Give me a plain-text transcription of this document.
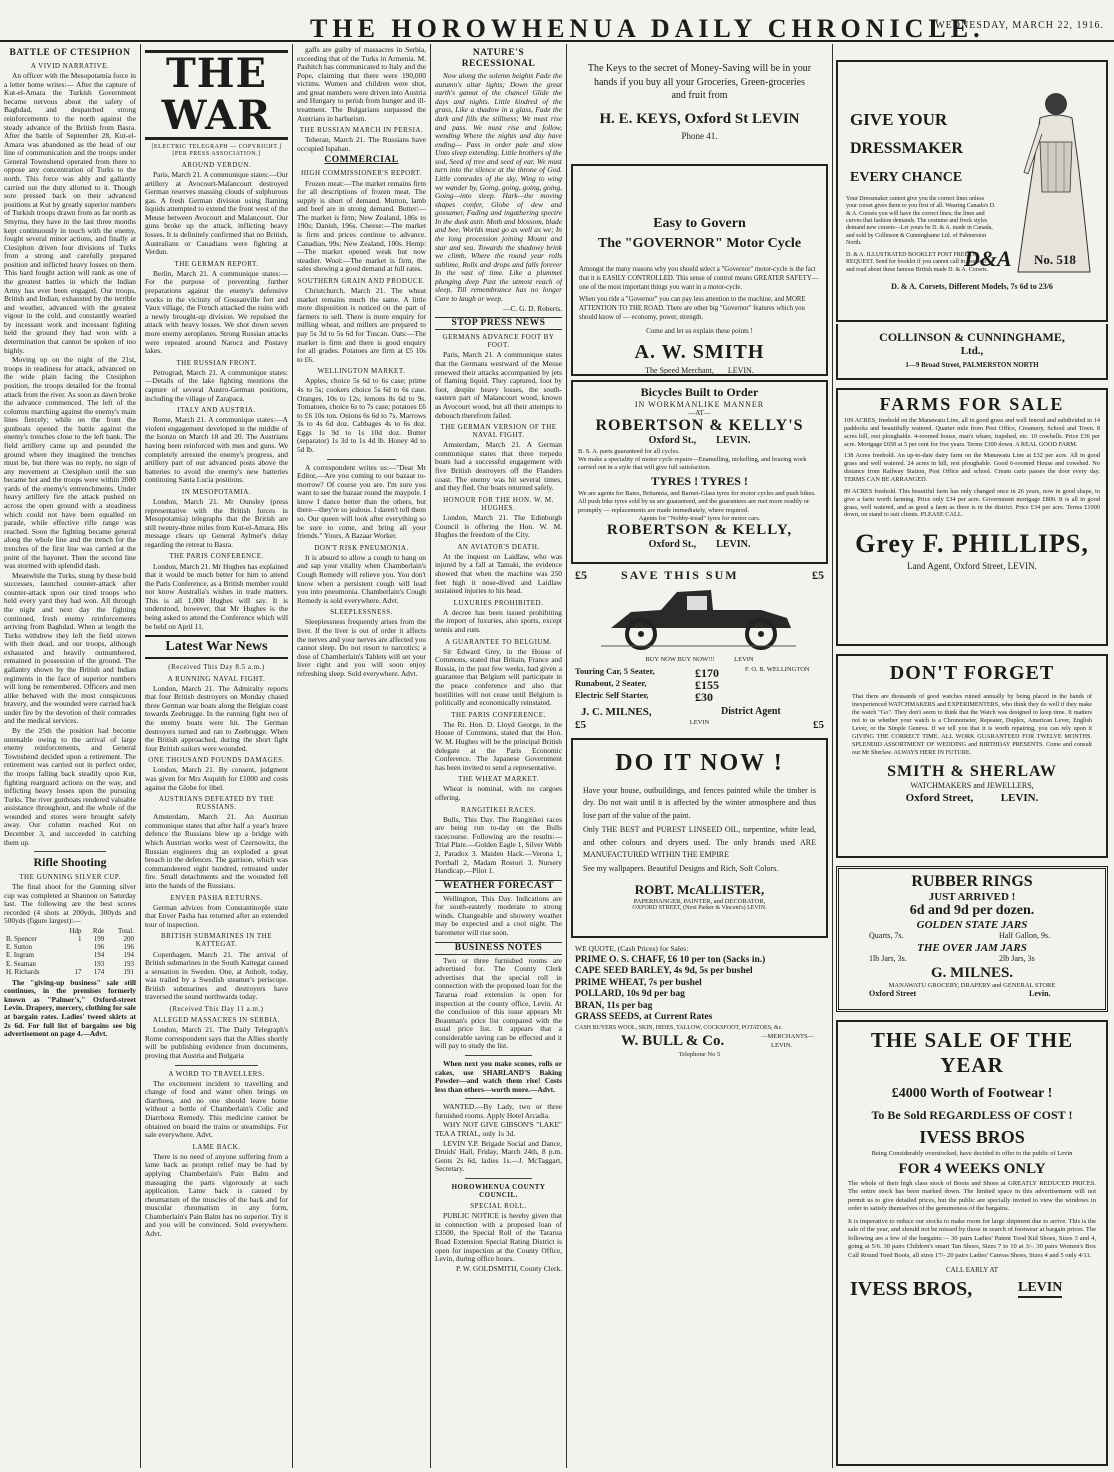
THE HOROWHENUA DAILY CHRONICLE.
WEDNESDAY, MARCH 22, 1916.
BATTLE OF CTESIPHON
A VIVID NARRATIVE.

An officer with the Mesopotamia force in a letter home writes:— After the capture of Kut-el-Amara the Turkish Government became nervous about the safety of Baghdad, and despatched strong reinforcements to the north against the steady advance of the British from Basra. After the battle of September 28, Kut-el-Amara was abandoned as the head of our line of communication and the troops under General Townshend operated from there to oppose any concentration of Turks to the north. This force was ably and gallantly carried out the duty allotted to it. Though sore pressed back on their advanced positions at Kut by greatly superior numbers of Turkish troops drawn from as far north as Smyrna, they have in the last three months kept continuously in touch with the enemy, fought several minor actions, and finally at Ctesiphon driven four divisions of Turks from a strong and carefully prepared position and inflicted heavy losses on them. This hard fought action will rank as one of the greatest battles in which the Indian Army has ever been engaged. Our troops, British and Indian, exhausted by the terrible and weather, advanced with the greatest vigour in the cold, and constantly wearied by incessant work and incessant fighting held the ground they had won with a determination that cannot be spoken of too highly.

Moving up on the night of the 21st, troops in readiness for attack, advanced on the wide plain facing the Ctesiphon position, the troops detailed for the frontal attack from the river. As soon as dawn broke the advance commenced. The left of the columns marching against the enemy's main lines fiercely; while on the front the gunboats opened the battle against the enemy's trenches close to the left bank. The field artillery came up and pounded the ground where they imagined the trenches must be, but there was no reply, no sign of any movement at Ctesiphon until the sun became hot and the troops were within 2000 yards of the enemy's entrenchments. Under heavy artillery fire the attack pushed on across the open ground with a steadiness which could not have been equalled on parade, while effective rifle range was reached. Soon the fighting became general along the whole line and the trench for the trenches of the first line was carried at the point of the bayonet. Then the second line was stormed with splendid dash.

Meanwhile the Turks, stung by these bold successes, launched counter-attack after counter-attack upon our tired troops who held every yard they had won. All through the night and next day the fighting continued, fresh enemy reinforcements arriving from Baghdad. When at length the Turks withdrew they left the field strewn with their dead, and our troops, although exhausted and heavily outnumbered, remained in possession of the ground. The gallantry shown by the British and Indian regiments in the face of superior numbers will long be remembered. Officers and men alike behaved with the most conspicuous bravery, and the wounded were carried back under fire by the devotion of their comrades and the medical services.

By the 25th the position had become untenable owing to the arrival of large enemy reinforcements, and General Townshend decided upon a retirement. The retirement was carried out in perfect order, the troops falling back steadily upon Kut, fighting rearguard actions on the way, and inflicting heavy losses upon the pursuing Turks. The river gunboats rendered valuable assistance throughout, and the whole of the wounded and stores were brought safely away. Our column reached Kut on December 3, and succeeded in catching them up.

Rifle Shooting
THE GUNNING SILVER CUP.

The final shoot for the Gunning silver cup was completed at Shannon on Saturday last. The following are the best scores recorded (4 shots at 200yds, 300yds and 500yds (figure largest):—

	Hdp	Rde	Total.
B. Spencer	1	199	200
E. Sutton		196	196
E. Ingram		194	194
E. Seaman		193	193
H. Richards	17	174	191

The "giving-up business" sale still continues, in the premises formerly known as "Palmer's," Oxford-street Levin. Drapery, mercery, clothing for sale at bargain rates. Ladies' tweed skirts at 2s 6d. For full list of bargains see big advertisement on page 4.—Advt.

THE WAR
[ELECTRIC TELEGRAPH — COPYRIGHT.] [PER PRESS ASSOCIATION.]
AROUND VERDUN.

Paris, March 21. A communique states:—Our artillery at Avocourt-Malancourt destroyed German reserves massing clouds of sulphurous gas. A fresh German division using flaming liquids attempted to extend the front west of the Meuse between Avocourt and Malancourt. Our guns broke up the attack, inflicting heavy losses. It is definitely confirmed that no British, Australians or Canadians were fighting at Verdun.

THE GERMAN REPORT.

Berlin, March 21. A communique states:—For the purpose of preventing further preparations against the enemy's defensive works in the vicinity of Gousanville fort and Vaux village, the French attacked the ruins with a newly brought-up division. We repulsed the attack with heavy losses. We shot down seven more enemy aeroplanes. Strong Russian attacks were repeated around Narocz and Postavy lakes.

THE RUSSIAN FRONT.

Petrograd, March 21. A communique states:—Details of the lake fighting mentions the capture of several Austro-German positions, including the village of Zarapaca.

ITALY AND AUSTRIA.

Rome, March 21. A communique states:—A violent engagement developed in the middle of the Isonzo on March 18 and 20. The Austrians having been reinforced with men and guns. We completely arrested the enemy's progress, and artillery part of our advanced posts above the batteries to avoid the enemy's new batteries continuing Santa Lucia positions.

IN MESOPOTAMIA.

London, March 21. Mr Ounsley (press representative with the British forces in Mesopotamia) telegraphs that the British are still twenty-three miles from Kut-el-Amara. His message clears up General Aylmer's delay regarding the retreat to Basra.

THE PARIS CONFERENCE.

London, March 21. Mr Hughes has explained that it would be much better for him to attend the Paris Conference, as a British member could not know Australia's wishes in trade matters. This is all 1,000 Hughes will say. It is understood, however, that Mr Hughes is the being asked to attend the Conference which will be held on April 11.

Latest War News
(Received This Day 8.5 a.m.)
A RUNNING NAVAL FIGHT.

London, March 21. The Admiralty reports that four British destroyers on Monday chased three German war boats along the Belgian coast towards Zeebrugge. In the running fight two of the enemy boats were hit. The German destroyers turned and ran to Zeebrugge. When the British approached, during the short fight four British sailors were wounded.

ONE THOUSAND POUNDS DAMAGES.

London, March 21. By consent, judgment was given for Mrs Asquith for £1000 and costs against the Globe for libel.

AUSTRIANS DEFEATED BY THE RUSSIANS.

Amsterdam, March 21. An Austrian communique states that after half a year's brave defence the Russians blew up a bridge with which Austrian works west of Czernowitz, the Russian engineers dug an exploded a great breach in the defences. The garrison, which was commandeered eight hundred, retreated under fire. Small detachments and the wounded fell into the hands of the Russians.

ENVER PASHA RETURNS.

German advices from Constantinople state that Enver Pasha has returned after an extended tour of inspection.

BRITISH SUBMARINES IN THE KATTEGAT.

Copenhagen, March 21. The arrival of British submarines in the South Kattegat caused a sensation in Sweden. One, at Anholt, today, was trailed by a Swedish steamer's periscope. British submarines and destroyers have traversed the sound northwards today.

(Received This Day 11 a.m.)
ALLEGED MASSACRES IN SERBIA.

London, March 21. The Daily Telegraph's Rome correspondent says that the Allies shortly will be publishing evidence from documents, proving that Austria and Bulgaria

A WORD TO TRAVELLERS.

The excitement incident to travelling and change of food and water often brings on diarrhoea, and no one should leave home without a bottle of Chamberlain's Colic and Diarrhoea Remedy. This medicine cannot be obtained on board the trains or steamships. For sale everywhere. Advt.

LAME BACK.

There is no need of anyone suffering from a lame back as prompt relief may be had by applying Chamberlain's Pain Balm and massaging the parts vigorously at each application. Lame back is caused by rheumatism of the muscles of the back and for muscular rheumatism in any form, Chamberlain's Pain Balm has no superior. Try it and you will be convinced. Sold everywhere. Advt.

gaffs are guilty of massacres in Serbia, exceeding that of the Turks in Armenia. M. Pashitch has communicated to Italy and the Pope, claiming that there were 190,000 victims. Women and children were shot, and great numbers were driven into Austria and Hungary to perish from hunger and ill-treatment. The Bulgarians surpassed the Austrians in barbarism.

THE RUSSIAN MARCH IN PERSIA.

Teheran, March 21. The Russians have occupied Ispahan.

COMMERCIAL
HIGH COMMISSIONER'S REPORT.

Frozen meat:—The market remains firm for all descriptions of frozen meat. The supply is short of demand. Mutton, lamb and beef are in strong demand. Butter:—The market is firm; New Zealand, 186s to 190s; Danish, 196s. Cheese:—The market is firm and prices continue to advance. Canadian, 99s; New Zealand, 100s. Hemp:—The market opened weak but now steadier. Wool:—The market is firm, the sales showing a good demand at full rates.

SOUTHERN GRAIN AND PRODUCE.

Christchurch, March 21. The wheat market remains much the same. A little more disposition is noticed on the part of farmers to sell. There is more enquiry for milling wheat, and millers are prepared to pay 5s 3d to 5s 6d for Tuscan. Oats:—The market is firm and there is good enquiry for all grades. Potatoes are firm at £5 10s to £6.

WELLINGTON MARKET.

Apples, choice 5s 6d to 6s case; prime 4s to 5s; cookers choice 5s 6d to 6s case. Oranges, 10s to 12s; lemons 8s 6d to 9s. Tomatoes, choice 6s to 7s case; potatoes £6 to £6 10s ton. Onions 6s 6d to 7s. Marrows 3s to 4s 6d doz. Cabbages 4s to 6s doz. Eggs 1s 9d to 1s 10d doz. Butter (separator) 1s 3d to 1s 4d lb. Honey 4d to 5d lb.

A correspondent writes us:—"Dear Mr Editor,—Are you coming to our bazaar to-morrow? Of course you are. I'm sure you want to see the bazaar round the maypole. I know I dance better than the others, but there—they're so jealous. I daren't tell them so. Our queen will look after everything so be sure to come, and bring all your friends." Yours, A Bazaar Worker.

DON'T RISK PNEUMONIA.

It is absurd to allow a cough to hang on and sap your vitality when Chamberlain's Cough Remedy will relieve you. You don't know when a persistent cough will lead you into pneumonia. Chamberlain's Cough Remedy is sold everywhere. Advt.

SLEEPLESSNESS.

Sleeplessness frequently arises from the liver. If the liver is out of order it affects the nerves and your nerves are affected you cannot sleep. Do not resort to narcotics; a dose of Chamberlain's Tablets will set your liver right and you will soon enjoy refreshing sleep. Sold everywhere. Advt.

NATURE'S RECESSIONAL

Now along the solemn heights Fade the autumn's altar lights; Down the great earth's gamut of the chancel Glide the days and nights. Little kindred of the grass, Like a shadow in a glass, Fade the dark and fills the stillness; We must rise and pass. We must rise and follow, wending Where the nights and day have ending— Pass in order pale and slow Unto sleep extending. Little brothers of the sod, Seed of tree and seed of ear, We must turn into the silence at the throne of God. Little comrades of the sky, Wing to wing we wander by, Going, going, going, going, Going—into sleep. Hark—the moving shapes confer, Globe of dew and gossamer, Fading and ingathering spectre In the dusk astir. Moth and blossom, blade and bee, Worlds must go as well as we; In the long procession joining Mount and star and sea. Towards the shadowy brink we climb, Where the round year rolls sublime, Rolls and drops and falls forever In the vast of time. Like a plummet plunging deep Past the utmost reach of sleep, Till remembrance has no longer Care to laugh or weep.

—C. G. D. Roberts.
STOP PRESS NEWS
GERMANS ADVANCE FOOT BY FOOT.

Paris, March 21. A communique states that the Germans westward of the Meuse renewed their attacks accompanied by jets of flaming liquid. They captured, foot by foot, despite heavy losses, the south-eastern part of Malancourt wood, known as Avocourt wood, but all their attempts to debouch therefrom failed.

THE GERMAN VERSION OF THE NAVAL FIGHT.

Amsterdam, March 21. A German communique states that three torpedo boats had a successful engagement with five British destroyers off the Flanders coast. The enemy was hit several times, and they fled. Our boats returned safely.

HONOUR FOR THE HON. W. M. HUGHES.

London, March 21. The Edinburgh Council is offering the Hon. W. M. Hughes the freedom of the City.

AN AVIATOR'S DEATH.

At the inquest on Laidlaw, who was injured by a fall at Tamaki, the evidence showed that when the machine was 250 feet high it nose-dived and Laidlaw sustained injuries to his head.

LUXURIES PROHIBITED.

A decree has been issued prohibiting the import of luxuries, also sports, except tennis and rum.

A GUARANTEE TO BELGIUM.

Sir Edward Grey, in the House of Commons, stated that Britain, France and Russia, in the past few weeks, had given a guarantee that Belgium will participate in the peace conference and also that hostilities will not cease until Belgium is politically and economically reinstated.

THE PARIS CONFERENCE.

The Rt. Hon. D. Lloyd George, in the House of Commons, stated that the Hon. W. M. Hughes will be the principal British delegate at the Paris Economic Conference. The Japanese Government has been invited to send a representative.

THE WHEAT MARKET.

Wheat is nominal, with no cargoes offering.

RANGITIKEI RACES.

Bulls, This Day. The Rangitikei races are being run to-day on the Bulls racecourse. Following are the results:— Trial Plate.—Golden Eagle 1, Silver Webb 2, Paradox 3. Maiden Hack.—Verona 1, Porthall 2, Madam Rostori 3. Nursery Handicap.—Pilot 1.

WEATHER FORECAST

Wellington, This Day. Indications are for south-easterly moderate to strong winds. Changeable and showery weather may be expected and a cool night. The barometer will rise soon.

BUSINESS NOTES

Two or three furnished rooms are advertised for. The County Clerk advertises that the special roll in connection with the proposed loan for the Tararua road extension is open for inspection at the county office, Levin. At the conclusion of this issue appears Mr Beauman's price list compared with the usual price list. It appears that a considerable saving can be effected and it will pay to study the list.

When next you make scones, rolls or cakes, use SHARLAND'S Baking Powder—and watch them rise! Costs less than others—worth more.—Advt.

WANTED.—By Lady, two or three furnished rooms. Apply Hotel Arcadia.

WHY NOT GIVE GIBSON'S "LAKE" TEA A TRIAL, only 1s 3d.

LEVIN Y.P. Brigade Social and Dance, Druids' Hall, Friday, March 24th, 8 p.m. Gents 2s 6d, ladies 1s.—J. McTaggart, Secretary.

HOROWHENUA COUNTY COUNCIL.
SPECIAL ROLL.

PUBLIC NOTICE is hereby given that in connection with a proposed loan of £3500, the Special Roll of the Tararua Road Extension Special Rating District is open for inspection at the County Office, Levin, during office hours.

P. W. GOLDSMITH, County Clerk.
The Keys to the secret of Money-Saving will be in your hands if you buy all your Groceries, Green-groceries and fruit from
H. E. KEYS, Oxford St LEVIN
Phone 41.
Easy to Govern
The "GOVERNOR" Motor Cycle
Amongst the many reasons why you should select a "Governor" motor-cycle is the fact that it is EASILY CONTROLLED. This sense of control means GREATER SAFETY—one of the most important things you want in a motor-cycle.
When you ride a "Governor" you can pay less attention to the machine, and MORE ATTENTION TO THE ROAD. There are other big "Governor" features which you should know of — economy, power, strength.
Come and let us explain these points !
A. W. SMITH
The Speed Merchant, LEVIN.
Bicycles Built to Order
IN WORKMANLIKE MANNER
—AT—
ROBERTSON & KELLY'S
Oxford St., LEVIN.
B. S. A. parts guaranteed for all cycles.
We make a speciality of motor cycle repairs—Enamelling, nickelling, and brazing work carried out in a style that will give full satisfaction.
TYRES ! TYRES !
We are agents for Bates, Britannia, and Barnet-Glass tyres for motor cycles and push bikes. All push bike tyres sold by us are guaranteed, and the guarantees are met more readily or promptly — replacements are made immediately, where required.
Agents for "Nobby-tread" tyres for motor cars.
ROBERTSON & KELLY,
Oxford St., LEVIN.
£5	SAVE THIS SUM	£5
BUY NOW BUY NOW!!!	LEVIN
Touring Car, 5 Seater,	£170	F. O. B. WELLINGTON
Runabout, 2 Seater,	£155
Electric Self Starter,	£30
J. C. MILNES,	District Agent
£5	LEVIN	£5
DO IT NOW !
Have your house, outbuildings, and fences painted while the timber is dry. Do not wait until it is affected by the winter atmosphere and thus lose part of the value of the paint.
Only THE BEST and PUREST LINSEED OIL, turpentine, white lead, and other colours and dryers used. The only brands used ARE MANUFACTURED WITHIN THE EMPIRE
See my wallpapers. Beautiful Designs and Rich, Soft Colors.
ROBT. McALLISTER,
PAPERHANGER, PAINTER, and DECORATOR,
OXFORD STREET, (Next Parker & Vincent's) LEVIN.
WE QUOTE, (Cash Prices) for Sales:
PRIME O. S. CHAFF, £6 10 per ton (Sacks in.)
CAPE SEED BARLEY, 4s 9d, 5s per bushel
PRIME WHEAT, 7s per bushel
POLLARD, 10s 9d per bag
BRAN, 11s per bag
GRASS SEEDS, at Current Rates
CASH BUYERS WOOL, SKIN, HIDES, TALLOW, COCKSFOOT, POTATOES, &c.
W. BULL & Co.	—MERCHANTS—
LEVIN.
Telephone No 5
GIVE YOUR
DRESSMAKER
EVERY CHANCE
Your Dressmaker cannot give you the correct lines unless your corset gives them to you first of all. Wearing Canada's D. & A. Corsets you will have the correct lines; the lines and curves that fashion demands. The costume and frock styles demand new corsets—Let yours be D. & A. made in Canada, and sold by Collinson & Cunninghame Ltd. of Palmerston North.
D. & A. ILLUSTRATED BOOKLET POST FREE ON REQUEST. Send for booklet if you cannot call in yourself and read about these famous British made D. & A. Corsets.
D&A No. 518
D. & A. Corsets, Different Models, 7s 6d to 23/6
COLLINSON & CUNNINGHAME,
Ltd.,
1—9 Broad Street, PALMERSTON NORTH
FARMS FOR SALE
109 ACRES, freehold on the Manawatu Line, all in good grass and well fenced and subdivided in 14 paddocks and beautifully watered. Quarter mile from Post Office, Creamery, School and Town. 8 acres hill, rest ploughable. 4-roomed house, man's whare, trapshed, etc. 10 cowbells. Price £36 per acre. Mortgage £650 at 5 per cent for five years. Terms £300 down. A REAL GOOD FARM.
138 Acres freehold. An up-to-date dairy farm on the Manawatu Line at £32 per acre. All in good grass and well watered. 24 acres in hill, rest ploughable. Good 6-roomed House and cowshed. No distance from Railway Station, Post Office and school. Cream carts passes the door every day. TERMS CAN BE ARRANGED.
89 ACRES freehold. This beautiful farm has only changed once in 26 years, now in good shape, to give a farm worth farming. Price only £34 per acre. Government mortgage £800. It is all in good grass, well watered, and as good a farm as there is in the district. Price £34 per acre. Terms £1000 down, on stand to suit clients. PLEASE CALL.
Grey F. PHILLIPS,
Land Agent, Oxford Street, LEVIN.
DON'T FORGET
That there are thousands of good watches ruined annually by being placed in the hands of inexperienced WATCHMAKERS and EXPERIMENTERS, who think they do well if they make the watch "Go". They don't seem to think that the Watch was designed to keep time. It matters not to us whether your watch is a Chronometer, Repeater, Duplex, American Lever, English Lever, or the Simple Geneva. If we tell you that it is worth repairing, you can rely upon it GIVING THE CORRECT TIME. ALL WORK GUARANTEED FOR TWELVE MONTHS. SPLENDID ASSORTMENT OF WEDDING and BIRTHDAY PRESENTS. Come and consult our Mr Sherlaw. ALWAYS HERE IN FUTURE.
SMITH & SHERLAW
WATCHMAKERS and JEWELLERS,
Oxford Street,	LEVIN.
RUBBER RINGS
JUST ARRIVED !
6d and 9d per dozen.
GOLDEN STATE JARS
Quarts, 7s.	Half Gallon, 9s.
THE OVER JAM JARS
1lb Jars, 3s.	2lb Jars, 3s
G. MILNES.
MANAWATU GROCERY, DRAPERY and GENERAL STORE
Oxford Street	Levin.
THE SALE OF THE YEAR
£4000 Worth of Footwear !
To Be Sold REGARDLESS OF COST !
IVESS BROS
Being Considerably overstocked, have decided to offer to the public of Levin
FOR 4 WEEKS ONLY
The whole of their high class stock of Boots and Shoes at GREATLY REDUCED PRICES. The entire stock has been marked down. The limited space in this advertisement will not permit us to give detailed prices, but the public are specially invited to view the windows in order to satisfy themselves of the genuineness of the bargains.
It is imperative to reduce our stocks to make room for large shipment due to arrive. This is the sale of the year, and should not be missed by those in search of footwear at bargain prices. The following are a few of the bargains:— 30 pairs Ladies' Patent Tood Kid Shoes, Sizes 3 and 4, going at 5/6. 30 pairs Children's smart Tan Shoes, Sizes 7 to 10 at 3/-. 30 pairs Women's Box Calf Round Toed Boots, all sizes 17/- 20 pairs Ladies' Canvas Shoes, Sizes 4 and 5 only 4/11.
CALL EARLY AT
IVESS BROS,	LEVIN
